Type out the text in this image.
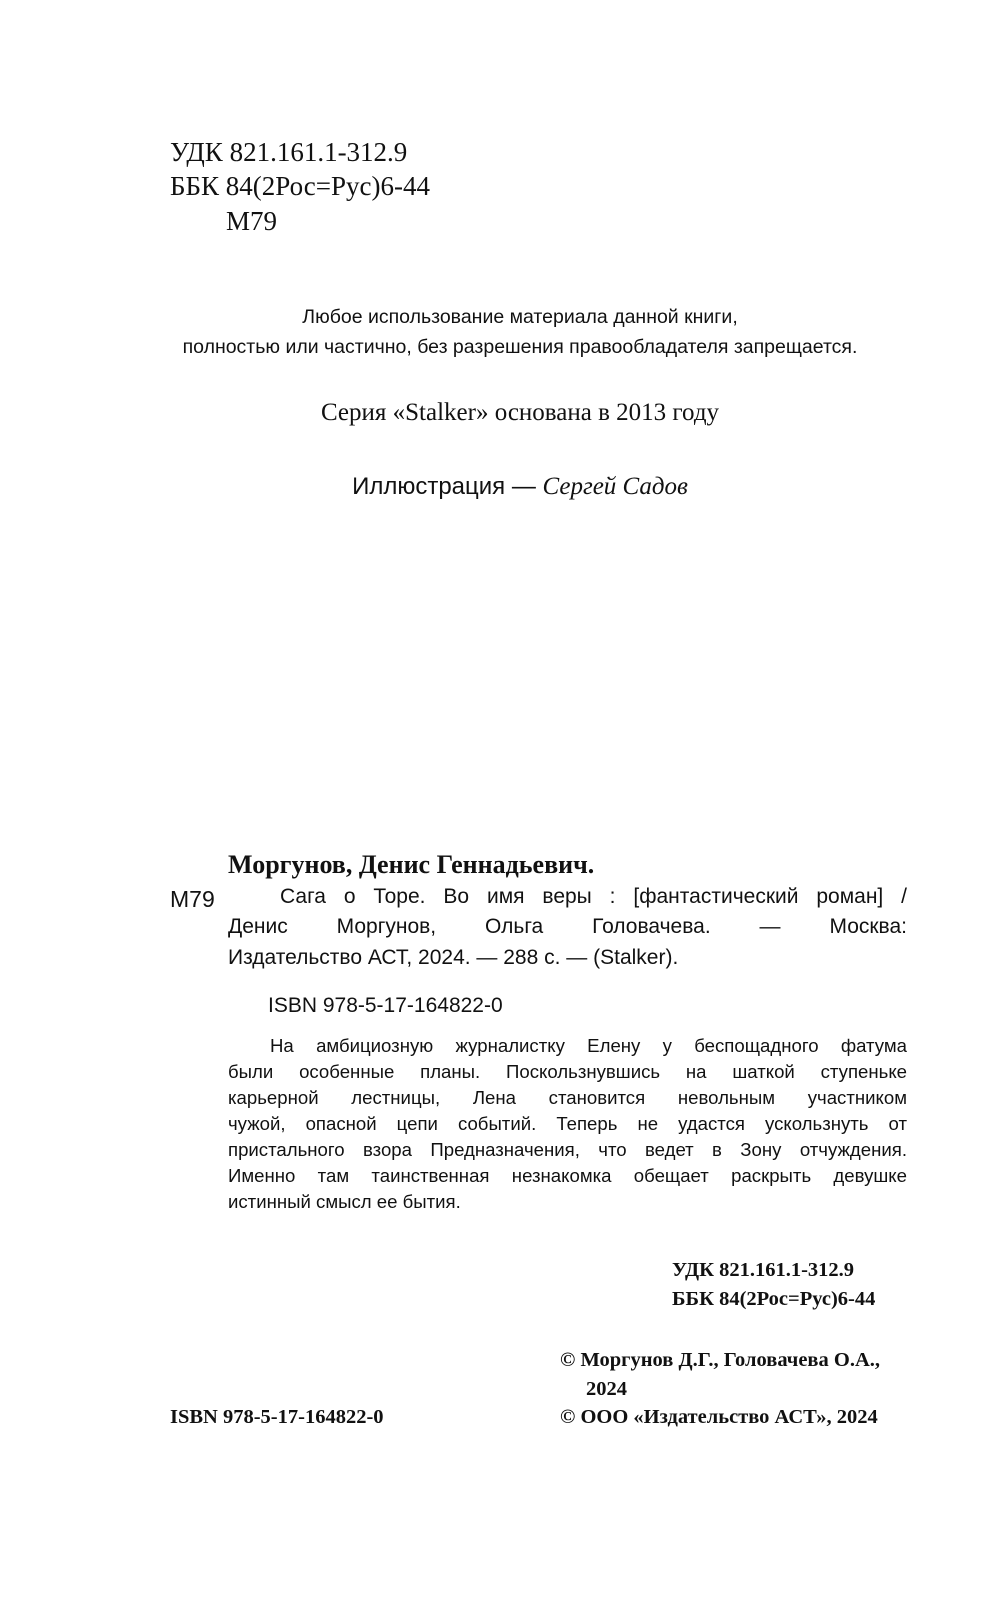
УДК 821.161.1-312.9
ББК 84(2Рос=Рус)6-44
М79
Любое использование материала данной книги,
полностью или частично, без разрешения правообладателя запрещается.
Серия «Stalker» основана в 2013 году
Иллюстрация — Сергей Садов
Моргунов, Денис Геннадьевич.
М79	Сага о Торе. Во имя веры : [фантастический роман] /
Денис Моргунов, Ольга Головачева. — Москва:
Издательство АСТ, 2024. — 288 с. — (Stalker).
ISBN 978-5-17-164822-0
На амбициозную журналистку Елену у беспощадного фатума
были особенные планы. Поскользнувшись на шаткой ступеньке
карьерной лестницы, Лена становится невольным участником
чужой, опасной цепи событий. Теперь не удастся ускользнуть от
пристального взора Предназначения, что ведет в Зону отчуждения.
Именно там таинственная незнакомка обещает раскрыть девушке
истинный смысл ее бытия.
УДК 821.161.1-312.9
ББК 84(2Рос=Рус)6-44
© Моргунов Д.Г., Головачева О.А.,
2024
ISBN 978-5-17-164822-0	© ООО «Издательство АСТ», 2024
